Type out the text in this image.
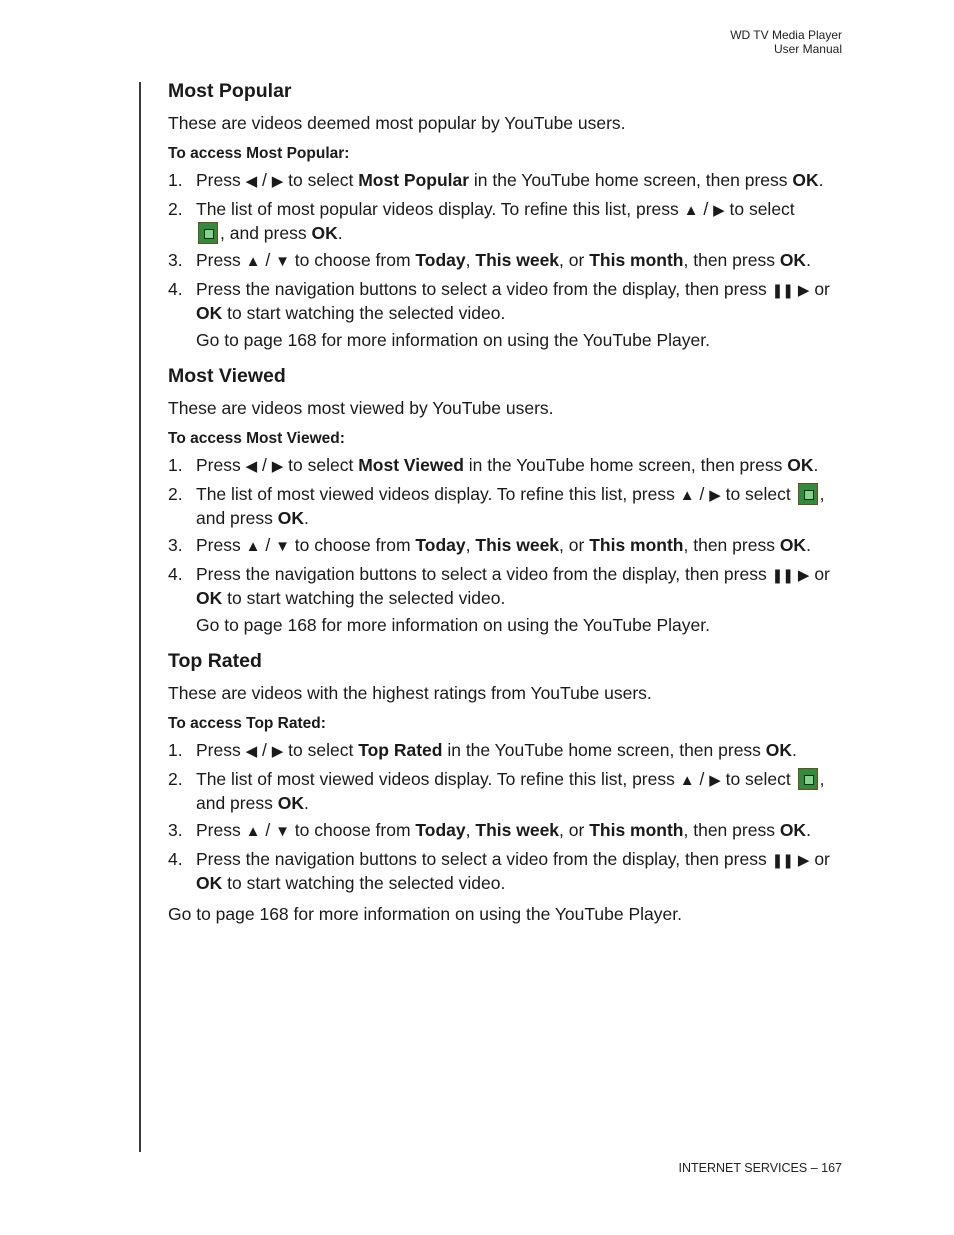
WD TV Media Player
User Manual
Most Popular

These are videos deemed most popular by YouTube users.

To access Most Popular:

1. Press ◀ / ▶ to select Most Popular in the YouTube home screen, then press OK.
2. The list of most popular videos display. To refine this list, press ▲ / ▶ to select
, and press OK.
3. Press ▲ / ▼ to choose from Today, This week, or This month, then press OK.
4. Press the navigation buttons to select a video from the display, then press ❚❚ ▶ or OK to start watching the selected video.
Go to page 168 for more information on using the YouTube Player.
Most Viewed

These are videos most viewed by YouTube users.

To access Most Viewed:

1. Press ◀ / ▶ to select Most Viewed in the YouTube home screen, then press OK.
2. The list of most viewed videos display. To refine this list, press ▲ / ▶ to select ,
and press OK.
3. Press ▲ / ▼ to choose from Today, This week, or This month, then press OK.
4. Press the navigation buttons to select a video from the display, then press ❚❚ ▶ or OK to start watching the selected video.
Go to page 168 for more information on using the YouTube Player.
Top Rated

These are videos with the highest ratings from YouTube users.

To access Top Rated:

1. Press ◀ / ▶ to select Top Rated in the YouTube home screen, then press OK.
2. The list of most viewed videos display. To refine this list, press ▲ / ▶ to select ,
and press OK.
3. Press ▲ / ▼ to choose from Today, This week, or This month, then press OK.
4. Press the navigation buttons to select a video from the display, then press ❚❚ ▶ or OK to start watching the selected video.
Go to page 168 for more information on using the YouTube Player.
INTERNET SERVICES – 167
